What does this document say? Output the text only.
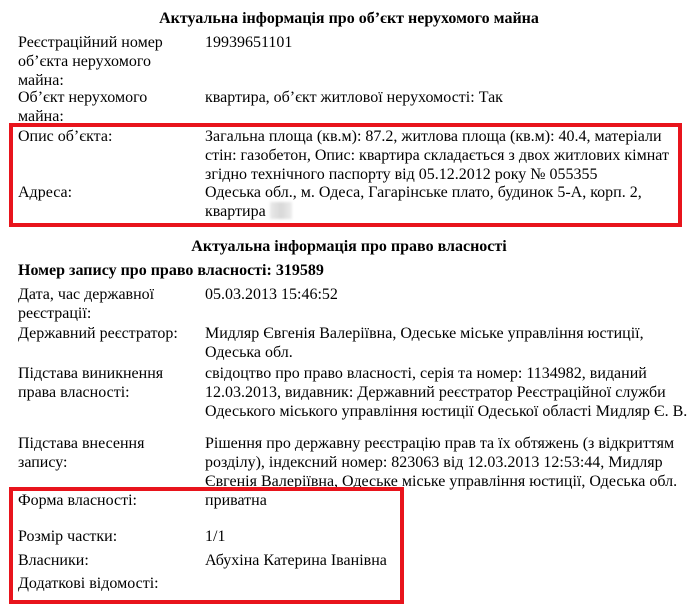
Актуальна інформація про об’єкт нерухомого майна
Реєстраційний номер об’єкта нерухомого майна:
19939651101
Об’єкт нерухомого майна:
квартира, об’єкт житлової нерухомості: Так
Опис об’єкта:	Загальна площа (кв.м): 87.2, житлова площа (кв.м): 40.4, матеріали стін: газобетон, Опис: квартира складається з двох житлових кімнат згідно технічного паспорту від 05.12.2012 року № 055355
Адреса:	Одеська обл., м. Одеса, Гагарінське плато, будинок 5-А, корп. 2, квартира
Актуальна інформація про право власності
Номер запису про право власності: 319589
Дата, час державної реєстрації:
05.03.2013 15:46:52
Державний реєстратор:	Мидляр Євгенія Валеріївна, Одеське міське управління юстиції, Одеська обл.
Підстава виникнення права власності:
свідоцтво про право власності, серія та номер: 1134982, виданий 12.03.2013, видавник: Державний реєстратор Реєстраційної служби Одеського міського управління юстиції Одеської області Мидляр Є. В.
Підстава внесення запису:
Рішення про державну реєстрацію прав та їх обтяжень (з відкриттям розділу), індексний номер: 823063 від 12.03.2013 12:53:44, Мидляр Євгенія Валеріївна, Одеське міське управління юстиції, Одеська обл.
Форма власності:	приватна
Розмір частки:	1/1
Власники:	Абухіна Катерина Іванівна
Додаткові відомості:
